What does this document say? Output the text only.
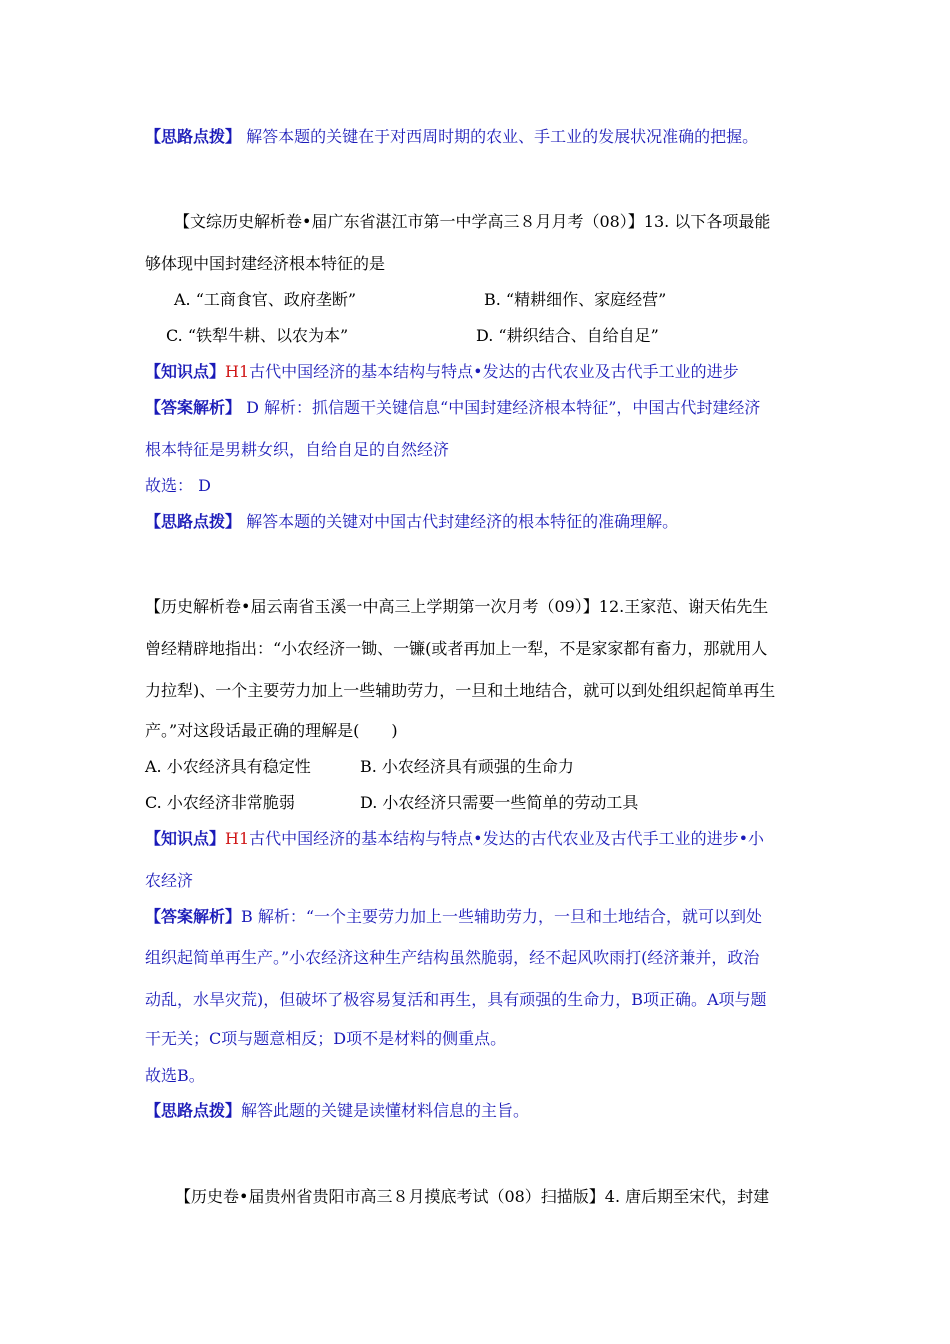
【思路点拨】 解答本题的关键在于对西周时期的农业、手工业的发展状况准确的把握。
【文综历史解析卷•届广东省湛江市第一中学高三８月月考（08）】13. 以下各项最能
够体现中国封建经济根本特征的是
A. “工商食官、政府垄断”	B. “精耕细作、家庭经营”
C. “铁犁牛耕、以农为本”	D. “耕织结合、自给自足”
【知识点】H1古代中国经济的基本结构与特点•发达的古代农业及古代手工业的进步
【答案解析】 D 解析：抓信题干关键信息“中国封建经济根本特征”，中国古代封建经济
根本特征是男耕女织，自给自足的自然经济
故选： D
【思路点拨】 解答本题的关键对中国古代封建经济的根本特征的准确理解。
【历史解析卷•届云南省玉溪一中高三上学期第一次月考（09）】12.王家范、谢天佑先生
曾经精辟地指出：“小农经济一锄、一镰(或者再加上一犁，不是家家都有畜力，那就用人
力拉犁)、一个主要劳力加上一些辅助劳力，一旦和土地结合，就可以到处组织起简单再生
产。”对这段话最正确的理解是(　　)
A. 小农经济具有稳定性	B. 小农经济具有顽强的生命力
C. 小农经济非常脆弱	D. 小农经济只需要一些简单的劳动工具
【知识点】H1古代中国经济的基本结构与特点•发达的古代农业及古代手工业的进步•小
农经济
【答案解析】B 解析：“一个主要劳力加上一些辅助劳力，一旦和土地结合，就可以到处
组织起简单再生产。”小农经济这种生产结构虽然脆弱，经不起风吹雨打(经济兼并，政治
动乱，水旱灾荒)，但破坏了极容易复活和再生，具有顽强的生命力，B项正确。A项与题
干无关；C项与题意相反；D项不是材料的侧重点。
故选B。
【思路点拨】解答此题的关键是读懂材料信息的主旨。
【历史卷•届贵州省贵阳市高三８月摸底考试（08）扫描版】4. 唐后期至宋代，封建
